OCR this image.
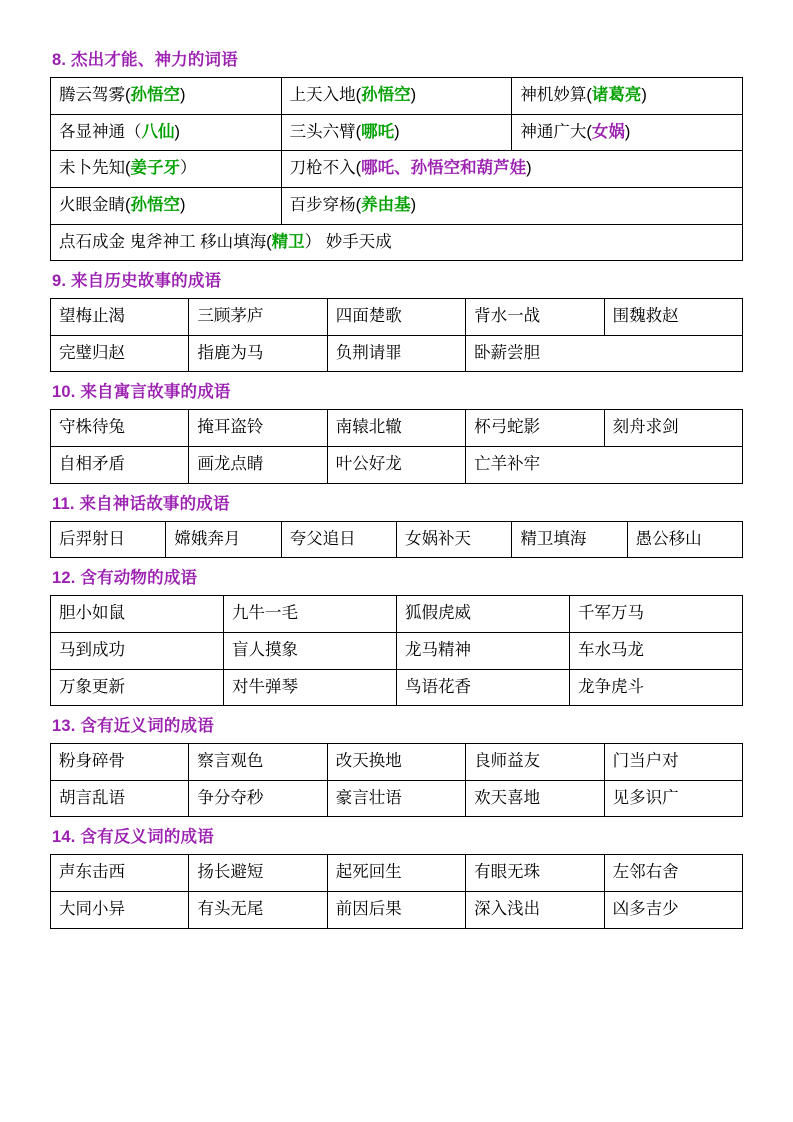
8. 杰出才能、神力的词语
腾云驾雾(孙悟空)	上天入地(孙悟空)	神机妙算(诸葛亮)

各显神通（八仙)	三头六臂(哪吒)	神通广大(女娲)

未卜先知(姜子牙）	刀枪不入(哪吒、孙悟空和葫芦娃)	

火眼金睛(孙悟空)	百步穿杨(养由基)	

点石成金 鬼斧神工 移山填海(精卫） 妙手天成		
9. 来自历史故事的成语
望梅止渴	三顾茅庐	四面楚歌	背水一战	围魏救赵

完璧归赵	指鹿为马	负荆请罪	卧薪尝胆	
10. 来自寓言故事的成语
守株待兔	掩耳盗铃	南辕北辙	杯弓蛇影	刻舟求剑

自相矛盾	画龙点睛	叶公好龙	亡羊补牢	
11. 来自神话故事的成语
后羿射日	嫦娥奔月	夸父追日	女娲补天	精卫填海	愚公移山
12. 含有动物的成语
胆小如鼠	九牛一毛	狐假虎威	千军万马

马到成功	盲人摸象	龙马精神	车水马龙

万象更新	对牛弹琴	鸟语花香	龙争虎斗
13. 含有近义词的成语
粉身碎骨	察言观色	改天换地	良师益友	门当户对

胡言乱语	争分夺秒	豪言壮语	欢天喜地	见多识广
14. 含有反义词的成语
声东击西	扬长避短	起死回生	有眼无珠	左邻右舍

大同小异	有头无尾	前因后果	深入浅出	凶多吉少
